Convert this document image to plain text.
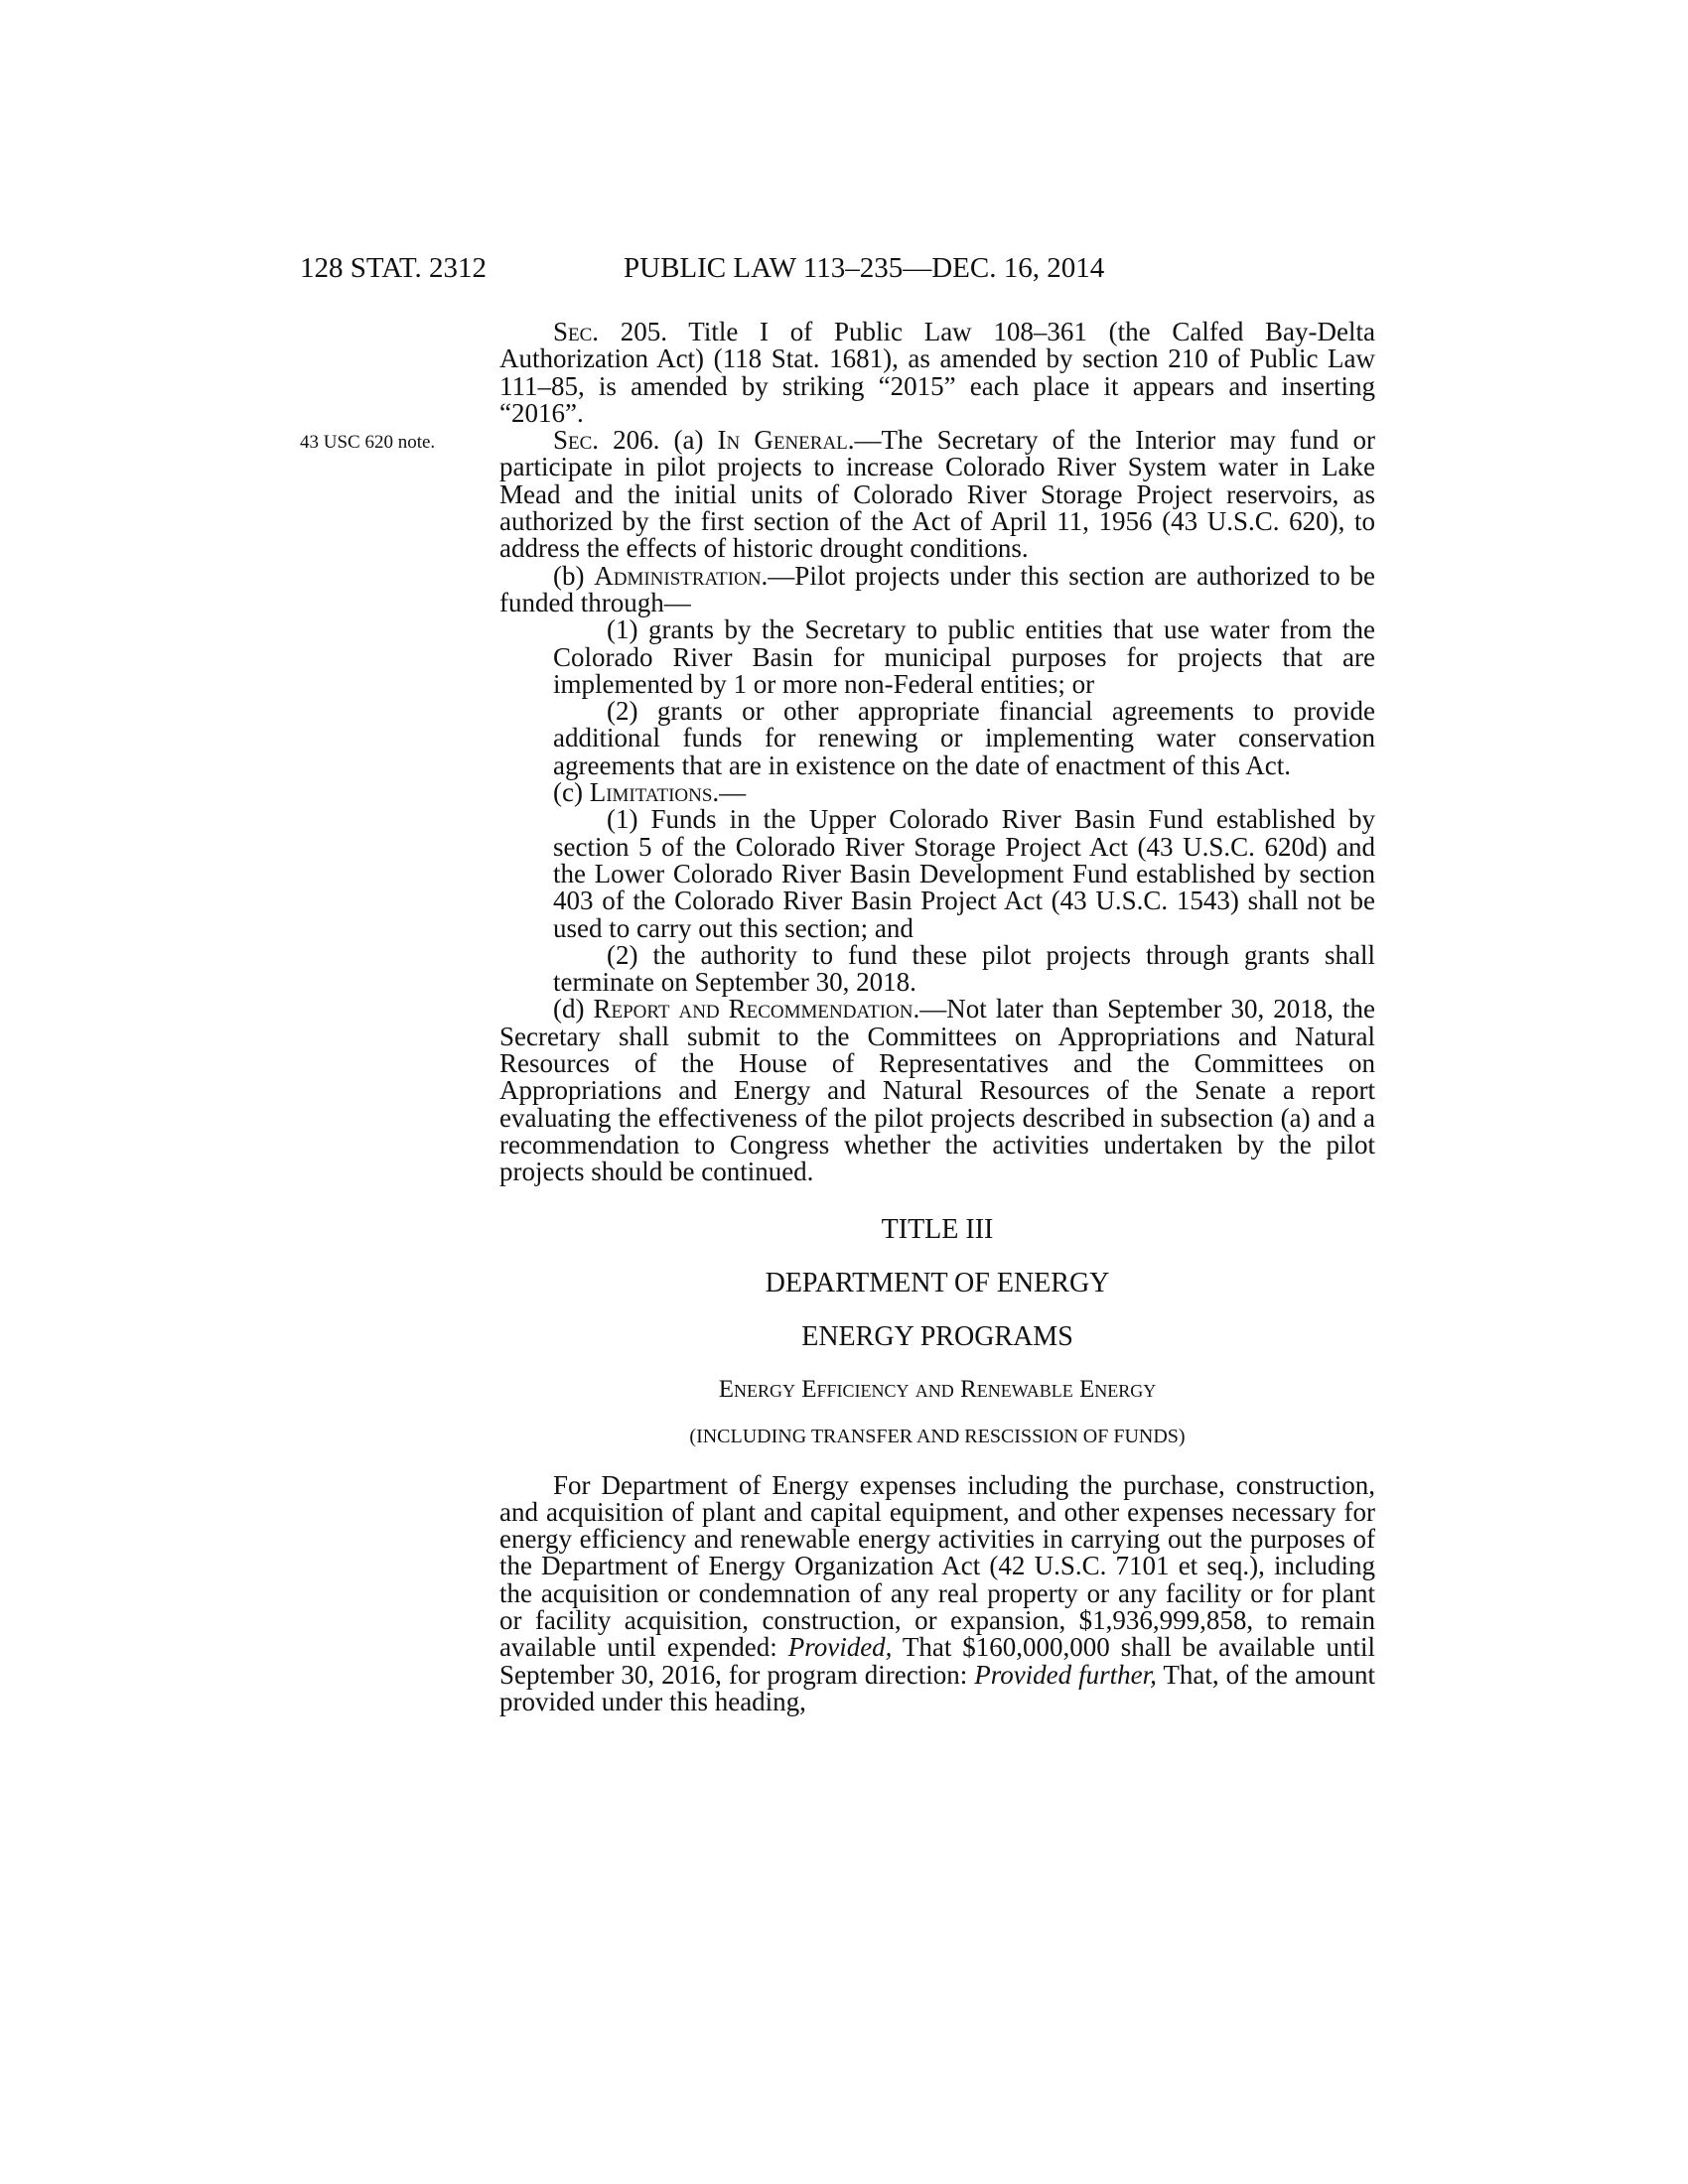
128 STAT. 2312	PUBLIC LAW 113–235—DEC. 16, 2014
43 USC 620 note.

Sec. 205. Title I of Public Law 108–361 (the Calfed Bay-Delta Authorization Act) (118 Stat. 1681), as amended by section 210 of Public Law 111–85, is amended by striking “2015” each place it appears and inserting “2016”.

Sec. 206. (a) In General.—The Secretary of the Interior may fund or participate in pilot projects to increase Colorado River System water in Lake Mead and the initial units of Colorado River Storage Project reservoirs, as authorized by the first section of the Act of April 11, 1956 (43 U.S.C. 620), to address the effects of historic drought conditions.

(b) Administration.—Pilot projects under this section are authorized to be funded through—

(1) grants by the Secretary to public entities that use water from the Colorado River Basin for municipal purposes for projects that are implemented by 1 or more non-Federal entities; or

(2) grants or other appropriate financial agreements to provide additional funds for renewing or implementing water conservation agreements that are in existence on the date of enactment of this Act.

(c) Limitations.—

(1) Funds in the Upper Colorado River Basin Fund established by section 5 of the Colorado River Storage Project Act (43 U.S.C. 620d) and the Lower Colorado River Basin Development Fund established by section 403 of the Colorado River Basin Project Act (43 U.S.C. 1543) shall not be used to carry out this section; and

(2) the authority to fund these pilot projects through grants shall terminate on September 30, 2018.

(d) Report and Recommendation.—Not later than September 30, 2018, the Secretary shall submit to the Committees on Appropriations and Natural Resources of the House of Representatives and the Committees on Appropriations and Energy and Natural Resources of the Senate a report evaluating the effectiveness of the pilot projects described in subsection (a) and a recommendation to Congress whether the activities undertaken by the pilot projects should be continued.

TITLE III

DEPARTMENT OF ENERGY

ENERGY PROGRAMS

Energy Efficiency and Renewable Energy

(INCLUDING TRANSFER AND RESCISSION OF FUNDS)

For Department of Energy expenses including the purchase, construction, and acquisition of plant and capital equipment, and other expenses necessary for energy efficiency and renewable energy activities in carrying out the purposes of the Department of Energy Organization Act (42 U.S.C. 7101 et seq.), including the acquisition or condemnation of any real property or any facility or for plant or facility acquisition, construction, or expansion, $1,936,999,858, to remain available until expended: Provided, That $160,000,000 shall be available until September 30, 2016, for program direction: Provided further, That, of the amount provided under this heading,
